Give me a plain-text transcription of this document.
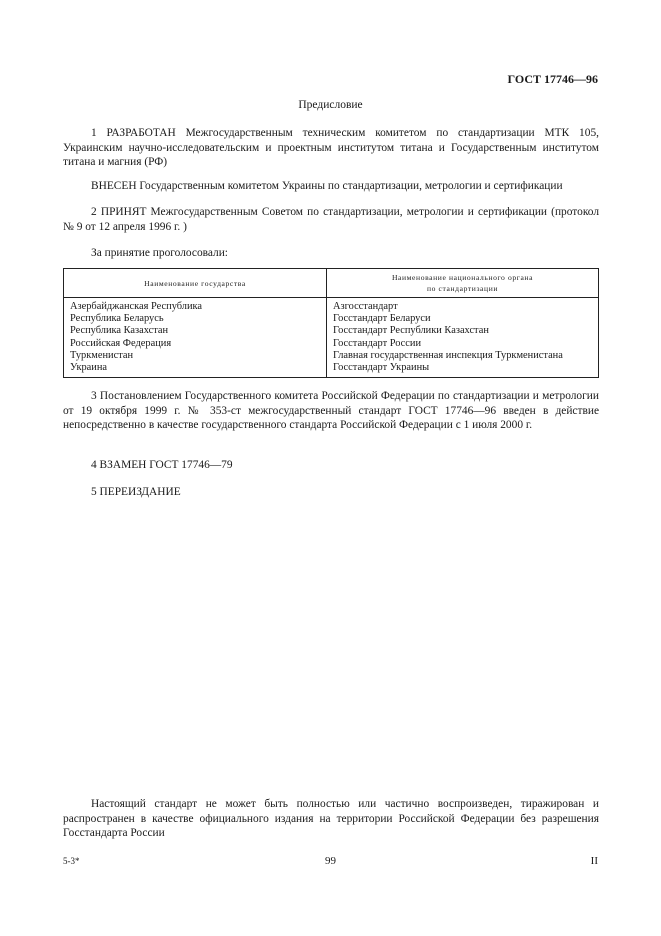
ГОСТ 17746—96
Предисловие
1 РАЗРАБОТАН Межгосударственным техническим комитетом по стандартизации МТК 105, Украинским научно-исследовательским и проектным институтом титана и Государственным институтом титана и магния (РФ)
ВНЕСЕН Государственным комитетом Украины по стандартизации, метрологии и сертификации
2 ПРИНЯТ Межгосударственным Советом по стандартизации, метрологии и сертификации (протокол № 9 от 12 апреля 1996 г. )
За принятие проголосовали:
Наименование государства	Наименование национального органа
по стандартизации
Азербайджанская Республика	Азгосстандарт
Республика Беларусь	Госстандарт Беларуси
Республика Казахстан	Госстандарт Республики Казахстан
Российская Федерация	Госстандарт России
Туркменистан	Главная государственная инспекция Туркменистана
Украина	Госстандарт Украины
3 Постановлением Государственного комитета Российской Федерации по стандартизации и метрологии от 19 октября 1999 г. № 353-ст межгосударственный стандарт ГОСТ 17746—96 введен в действие непосредственно в качестве государственного стандарта Российской Федерации с 1 июля 2000 г.
4 ВЗАМЕН ГОСТ 17746—79
5 ПЕРЕИЗДАНИЕ
Настоящий стандарт не может быть полностью или частично воспроизведен, тиражирован и распространен в качестве официального издания на территории Российской Федерации без разрешения Госстандарта России
5-3*	99	II
